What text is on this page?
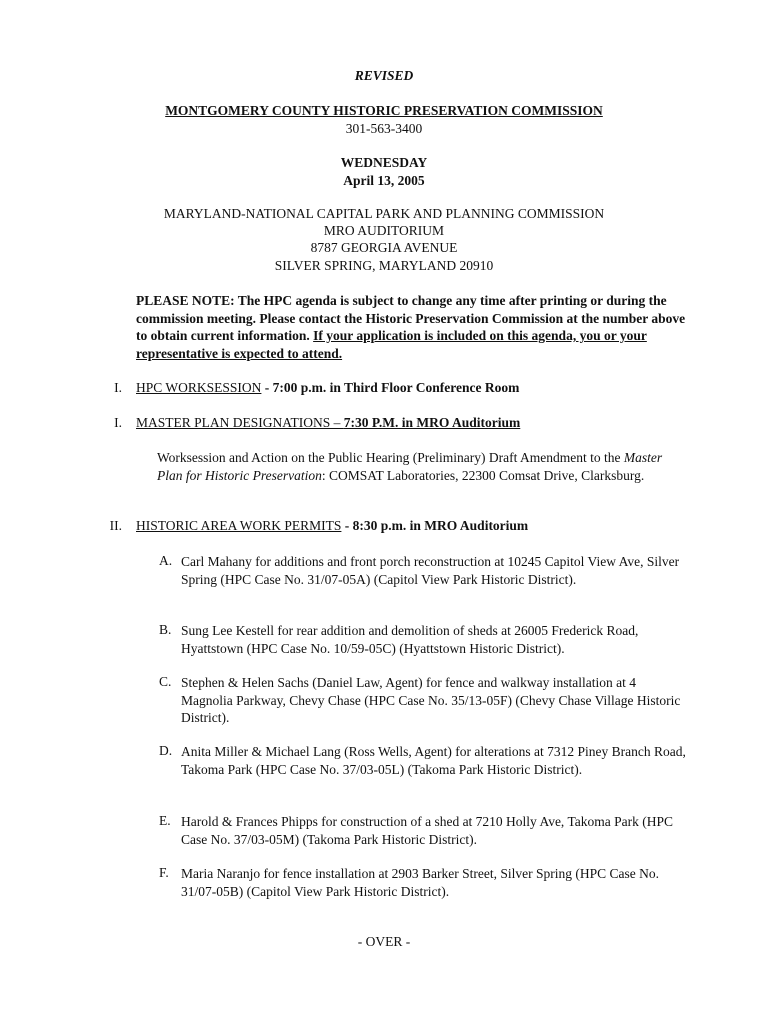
REVISED
MONTGOMERY COUNTY HISTORIC PRESERVATION COMMISSION
301-563-3400
WEDNESDAY
April 13, 2005
MARYLAND-NATIONAL CAPITAL PARK AND PLANNING COMMISSION
MRO AUDITORIUM
8787 GEORGIA AVENUE
SILVER SPRING, MARYLAND 20910
PLEASE NOTE: The HPC agenda is subject to change any time after printing or during the commission meeting. Please contact the Historic Preservation Commission at the number above to obtain current information. If your application is included on this agenda, you or your representative is expected to attend.
I. HPC WORKSESSION - 7:00 p.m. in Third Floor Conference Room
I. MASTER PLAN DESIGNATIONS – 7:30 P.M. in MRO Auditorium
Worksession and Action on the Public Hearing (Preliminary) Draft Amendment to the Master Plan for Historic Preservation: COMSAT Laboratories, 22300 Comsat Drive, Clarksburg.
II. HISTORIC AREA WORK PERMITS - 8:30 p.m. in MRO Auditorium
A. Carl Mahany for additions and front porch reconstruction at 10245 Capitol View Ave, Silver Spring (HPC Case No. 31/07-05A) (Capitol View Park Historic District).
B. Sung Lee Kestell for rear addition and demolition of sheds at 26005 Frederick Road, Hyattstown (HPC Case No. 10/59-05C) (Hyattstown Historic District).
C. Stephen & Helen Sachs (Daniel Law, Agent) for fence and walkway installation at 4 Magnolia Parkway, Chevy Chase (HPC Case No. 35/13-05F) (Chevy Chase Village Historic District).
D. Anita Miller & Michael Lang (Ross Wells, Agent) for alterations at 7312 Piney Branch Road, Takoma Park (HPC Case No. 37/03-05L) (Takoma Park Historic District).
E. Harold & Frances Phipps for construction of a shed at 7210 Holly Ave, Takoma Park (HPC Case No. 37/03-05M) (Takoma Park Historic District).
F. Maria Naranjo for fence installation at 2903 Barker Street, Silver Spring (HPC Case No. 31/07-05B) (Capitol View Park Historic District).
- OVER -
